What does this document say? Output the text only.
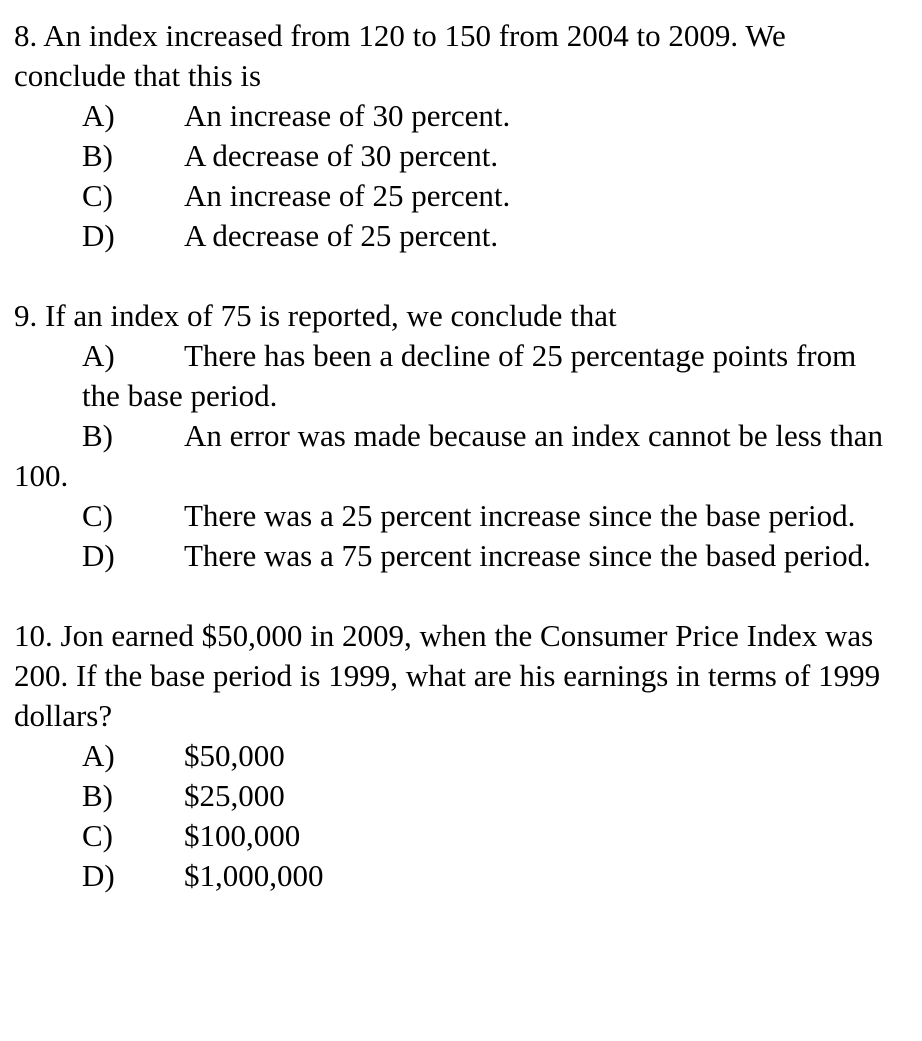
8. An index increased from 120 to 150 from 2004 to 2009. We conclude that this is

A)	An increase of 30 percent.
B)	A decrease of 30 percent.
C)	An increase of 25 percent.
D)	A decrease of 25 percent.

9. If an index of 75 is reported, we conclude that

A) There has been a decline of 25 percentage points from the base period.

B) An error was made because an index cannot be less than 100.

C) There was a 25 percent increase since the base period.

D) There was a 75 percent increase since the based period.

10. Jon earned $50,000 in 2009, when the Consumer Price Index was 200. If the base period is 1999, what are his earnings in terms of 1999 dollars?

A)	$50,000
B)	$25,000
C)	$100,000
D)	$1,000,000
